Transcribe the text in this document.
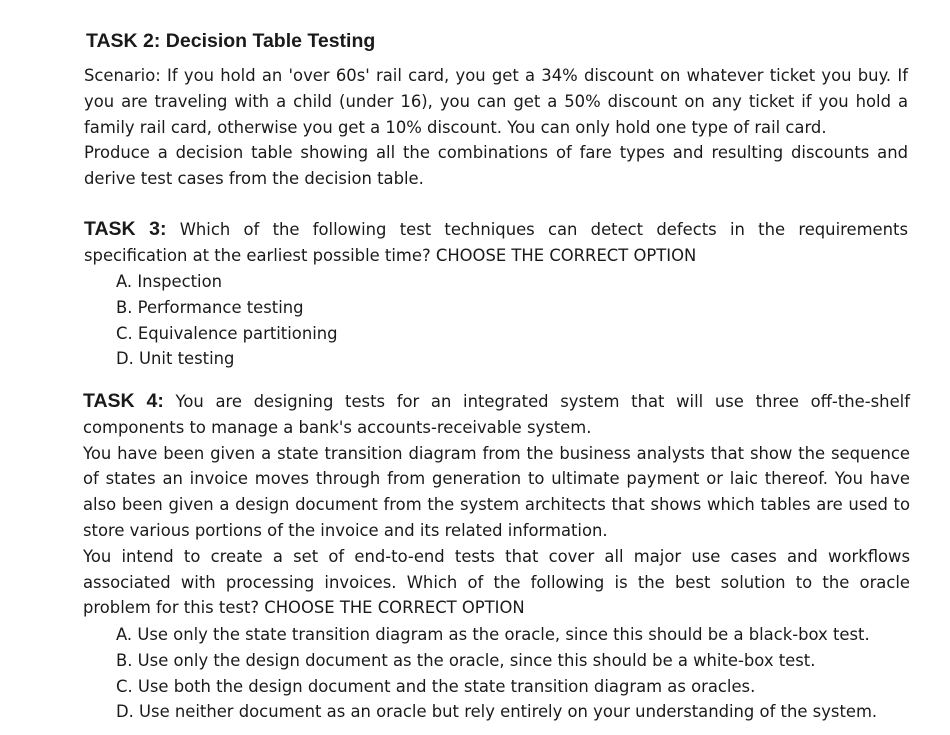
TASK 2: Decision Table Testing

Scenario: If you hold an 'over 60s' rail card, you get a 34% discount on whatever ticket you buy. If you are traveling with a child (under 16), you can get a 50% discount on any ticket if you hold a family rail card, otherwise you get a 10% discount. You can only hold one type of rail card.
Produce a decision table showing all the combinations of fare types and resulting discounts and derive test cases from the decision table.

TASK 3: Which of the following test techniques can detect defects in the requirements specification at the earliest possible time? CHOOSE THE CORRECT OPTION

A. Inspection
B. Performance testing
C. Equivalence partitioning
D. Unit testing

TASK 4: You are designing tests for an integrated system that will use three off-the-shelf components to manage a bank's accounts-receivable system.
You have been given a state transition diagram from the business analysts that show the sequence of states an invoice moves through from generation to ultimate payment or laic thereof. You have also been given a design document from the system architects that shows which tables are used to store various portions of the invoice and its related information.
You intend to create a set of end-to-end tests that cover all major use cases and workflows associated with processing invoices. Which of the following is the best solution to the oracle problem for this test? CHOOSE THE CORRECT OPTION

A. Use only the state transition diagram as the oracle, since this should be a black-box test.
B. Use only the design document as the oracle, since this should be a white-box test.
C. Use both the design document and the state transition diagram as oracles.
D. Use neither document as an oracle but rely entirely on your understanding of the system.
